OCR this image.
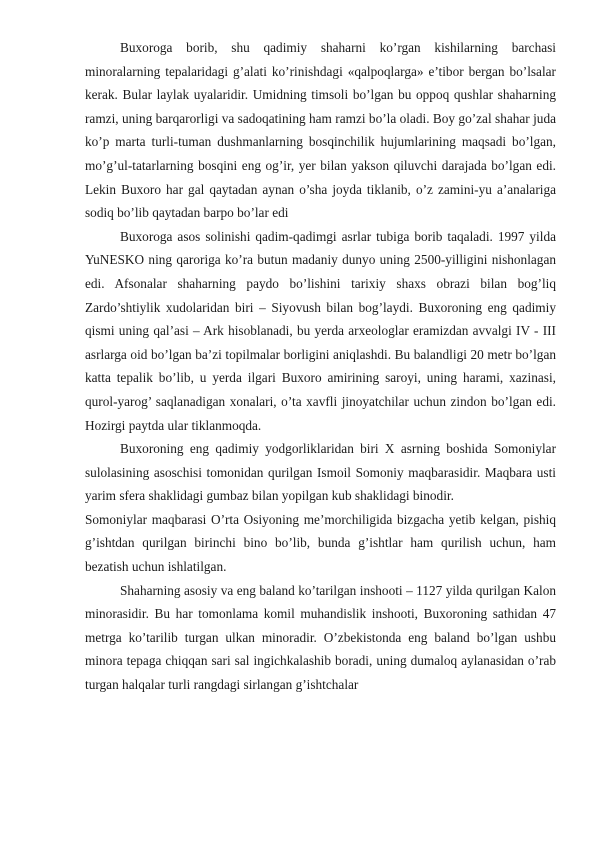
Buxoroga borib, shu qadimiy shaharni ko’rgan kishilarning barchasi minoralarning tepalaridagi g’alati ko’rinishdagi «qalpoqlarga» e’tibor bergan bo’lsalar kerak. Bular laylak uyalaridir. Umidning timsoli bo’lgan bu oppoq qushlar shaharning ramzi, uning barqarorligi va sadoqatining ham ramzi bo’la oladi. Boy go’zal shahar juda ko’p marta turli-tuman dushmanlarning bosqinchilik hujumlarining maqsadi bo’lgan, mo’g’ul-tatarlarning bosqini eng og’ir, yer bilan yakson qiluvchi darajada bo’lgan edi. Lekin Buxoro har gal qaytadan aynan o’sha joyda tiklanib, o’z zamini-yu a’analariga sodiq bo’lib qaytadan barpo bo’lar edi

Buxoroga asos solinishi qadim-qadimgi asrlar tubiga borib taqaladi. 1997 yilda YuNESKO ning qaroriga ko’ra butun madaniy dunyo uning 2500-yilligini nishonlagan edi. Afsonalar shaharning paydo bo’lishini tarixiy shaxs obrazi bilan bog’liq Zardo’shtiylik xudolaridan biri – Siyovush bilan bog’laydi. Buxoroning eng qadimiy qismi uning qal’asi – Ark hisoblanadi, bu yerda arxeologlar eramizdan avvalgi IV - III asrlarga oid bo’lgan ba’zi topilmalar borligini aniqlashdi. Bu balandligi 20 metr bo’lgan katta tepalik bo’lib, u yerda ilgari Buxoro amirining saroyi, uning harami, xazinasi, qurol-yarog’ saqlanadigan xonalari, o’ta xavfli jinoyatchilar uchun zindon bo’lgan edi. Hozirgi paytda ular tiklanmoqda.

Buxoroning eng qadimiy yodgorliklaridan biri X asrning boshida Somoniylar sulolasining asoschisi tomonidan qurilgan Ismoil Somoniy maqbarasidir. Maqbara usti yarim sfera shaklidagi gumbaz bilan yopilgan kub shaklidagi binodir.

Somoniylar maqbarasi O’rta Osiyoning me’morchiligida bizgacha yetib kelgan, pishiq g’ishtdan qurilgan birinchi bino bo’lib, bunda g’ishtlar ham qurilish uchun, ham bezatish uchun ishlatilgan.

Shaharning asosiy va eng baland ko’tarilgan inshooti – 1127 yilda qurilgan Kalon minorasidir. Bu har tomonlama komil muhandislik inshooti, Buxoroning sathidan 47 metrga ko’tarilib turgan ulkan minoradir. O’zbekistonda eng baland bo’lgan ushbu minora tepaga chiqqan sari sal ingichkalashib boradi, uning dumaloq aylanasidan o’rab turgan halqalar turli rangdagi sirlangan g’ishtchalar
